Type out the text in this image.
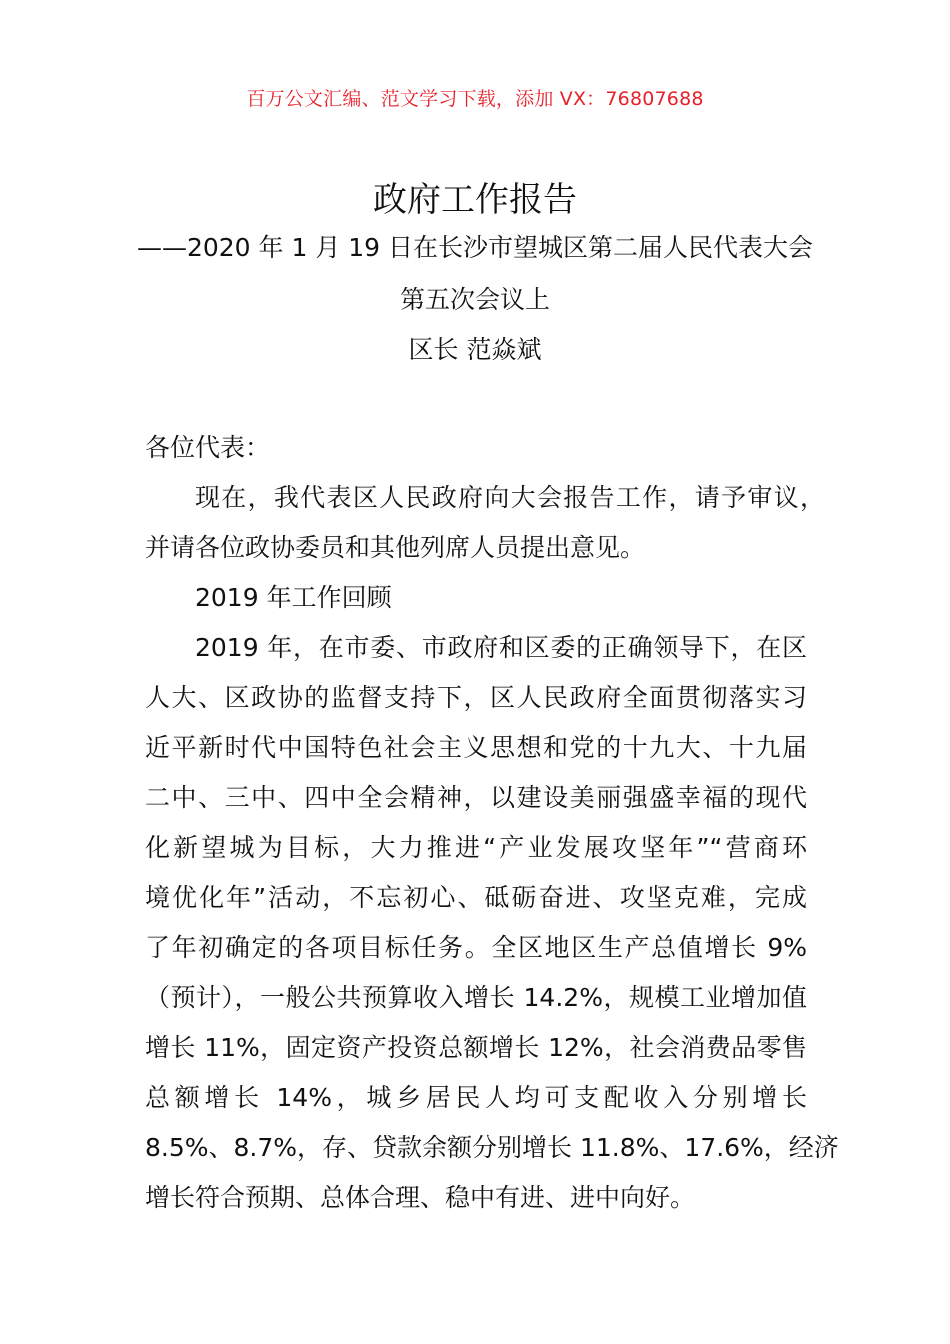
百万公文汇编、范文学习下载，添加 VX：76807688
政府工作报告
——2020 年 1 月 19 日在长沙市望城区第二届人民代表大会
第五次会议上
区长 范焱斌
各位代表：
现在，我代表区人民政府向大会报告工作，请予审议，
并请各位政协委员和其他列席人员提出意见。
2019 年工作回顾
2019 年，在市委、市政府和区委的正确领导下，在区
人大、区政协的监督支持下，区人民政府全面贯彻落实习
近平新时代中国特色社会主义思想和党的十九大、十九届
二中、三中、四中全会精神，以建设美丽强盛幸福的现代
化新望城为目标，大力推进“产业发展攻坚年”“营商环
境优化年”活动，不忘初心、砥砺奋进、攻坚克难，完成
了年初确定的各项目标任务。全区地区生产总值增长 9%
（预计），一般公共预算收入增长 14.2%，规模工业增加值
增长 11%，固定资产投资总额增长 12%，社会消费品零售
总额增长 14%，城乡居民人均可支配收入分别增长
8.5%、8.7%，存、贷款余额分别增长 11.8%、17.6%，经济
增长符合预期、总体合理、稳中有进、进中向好。
